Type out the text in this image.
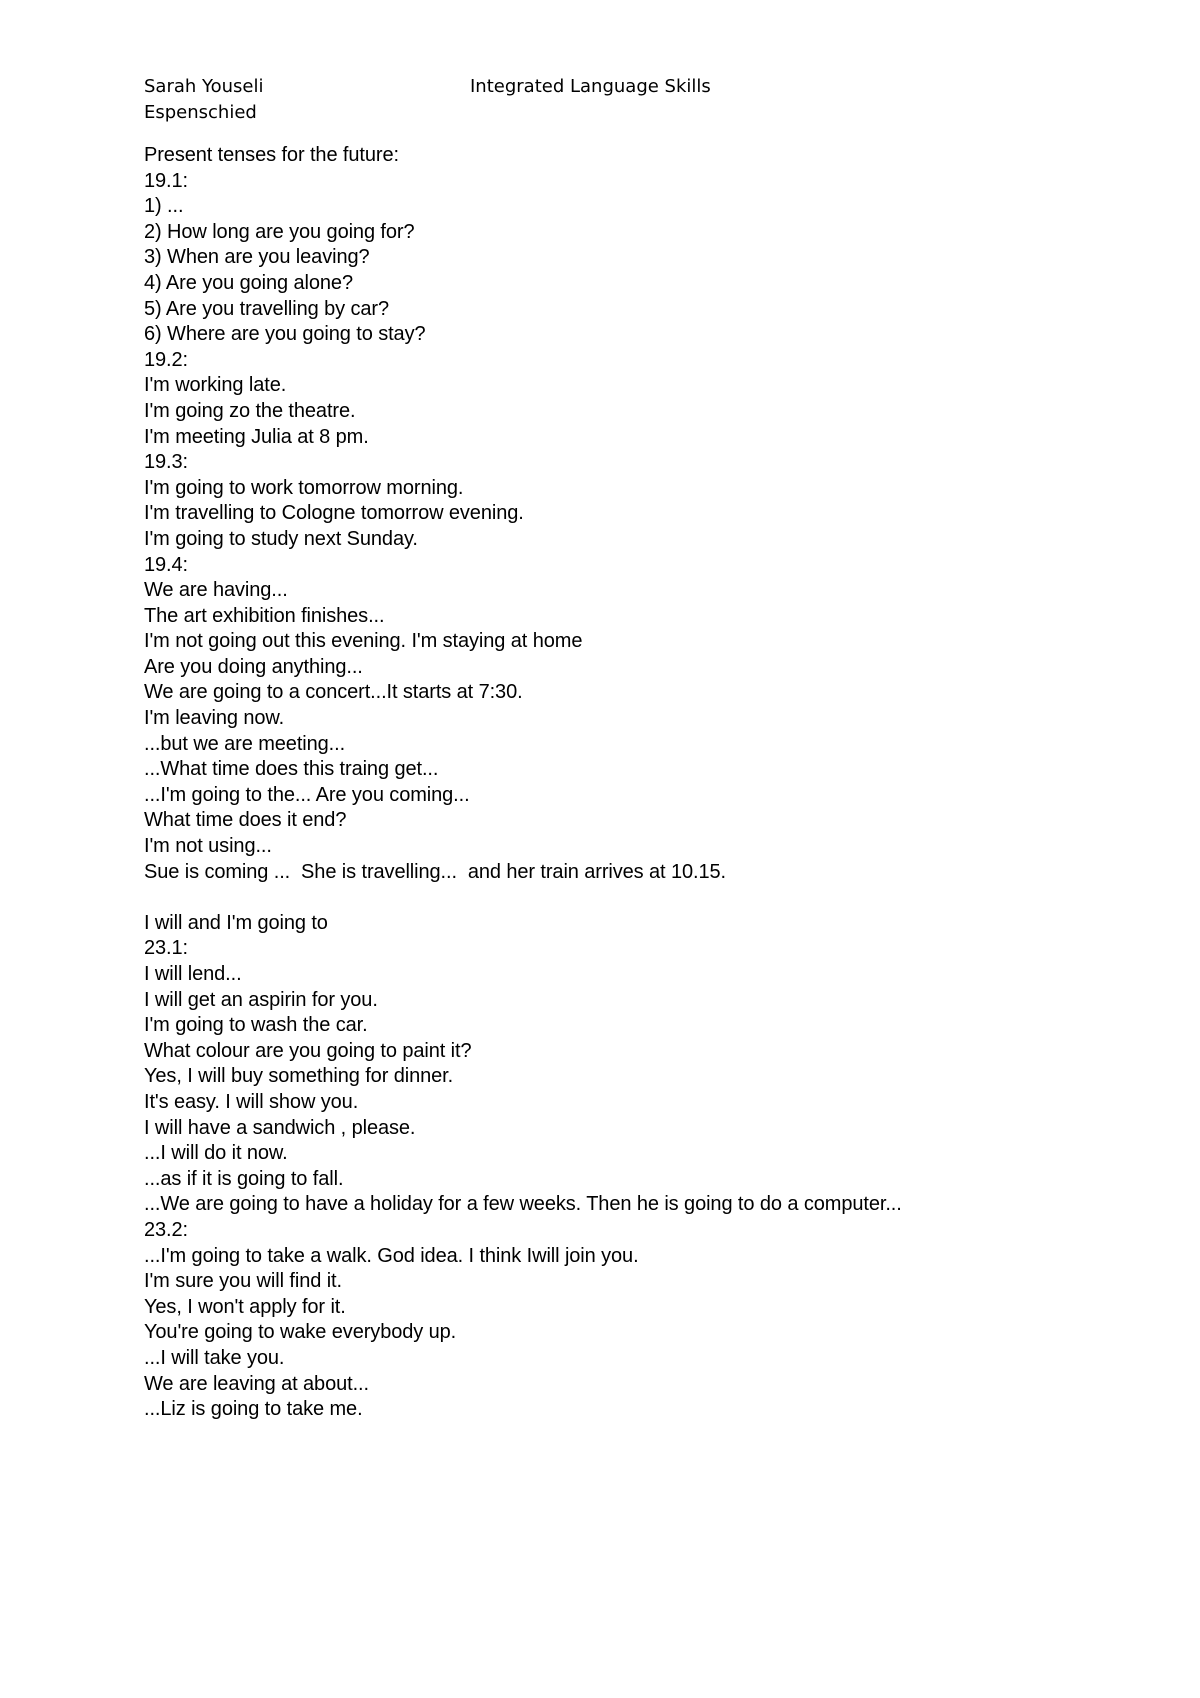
Sarah Youseli	Integrated Language Skills
Espenschied
Present tenses for the future:
19.1:
1) ...
2) How long are you going for?
3) When are you leaving?
4) Are you going alone?
5) Are you travelling by car?
6) Where are you going to stay?
19.2:
I'm working late.
I'm going zo the theatre.
I'm meeting Julia at 8 pm.
19.3:
I'm going to work tomorrow morning.
I'm travelling to Cologne tomorrow evening.
I'm going to study next Sunday.
19.4:
We are having...
The art exhibition finishes...
I'm not going out this evening. I'm staying at home
Are you doing anything...
We are going to a concert...It starts at 7:30.
I'm leaving now.
...but we are meeting...
...What time does this traing get...
...I'm going to the... Are you coming...
What time does it end?
I'm not using...
Sue is coming ...  She is travelling...  and her train arrives at 10.15.
I will and I'm going to
23.1:
I will lend...
I will get an aspirin for you.
I'm going to wash the car.
What colour are you going to paint it?
Yes, I will buy something for dinner.
It's easy. I will show you.
I will have a sandwich , please.
...I will do it now.
...as if it is going to fall.
...We are going to have a holiday for a few weeks. Then he is going to do a computer...
23.2:
...I'm going to take a walk. God idea. I think Iwill join you.
I'm sure you will find it.
Yes, I won't apply for it.
You're going to wake everybody up.
...I will take you.
We are leaving at about...
...Liz is going to take me.
